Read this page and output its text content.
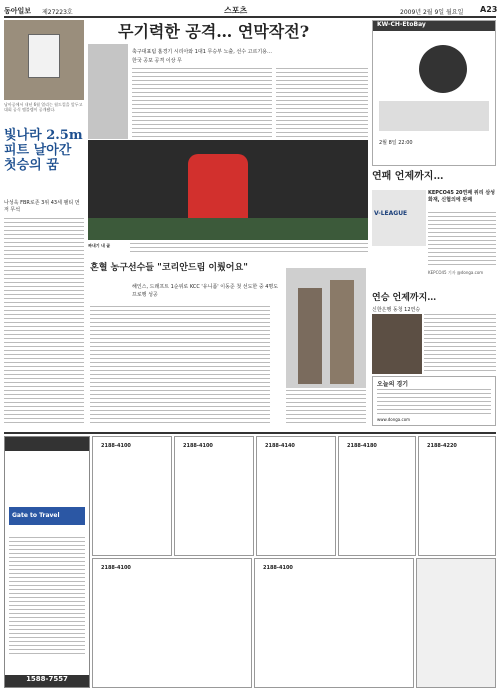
동아일보 제27223호	스포츠	2009년 2월 9일 월요일 A23
남아공에서 내년 6월 열리는 월드컵을 앞두고 대회 공식 엠블렘이 공개됐다.
빛나라 2.5m피트 날아간 첫승의 꿈
나성욱 FBR로존 3위 43세 팰티 먼저 무석
무기력한 공격… 연막작전?
축구대표팀 홈경기 시리아와 1대1 무승부 노출, 선수 고르기용… 한국 공포 공격 이상 무
짜내기 내 골
KW-CH-EtoBay
2월 8일 22:00
연패 언제까지…
V-LEAGUE
KEPCO45 20연패 위리 삼성화재, 신협의에 완패
KEPCO45 기자 @donga.com
혼혈 농구선수들 "코리안드림 이뤘어요"
해인스, 드래프트 1순위로 KCC '유니폼' 이동준 첫 선도한 중 4명도 프로행 성공	연승 언제까지…
신한은행 동청 12연승
오늘의 경기
www.donga.com
Gate to Travel
1588-7557
2188-4100	2188-4100	2188-4140	2188-4180	2188-4220
2188-4100	2188-4100
